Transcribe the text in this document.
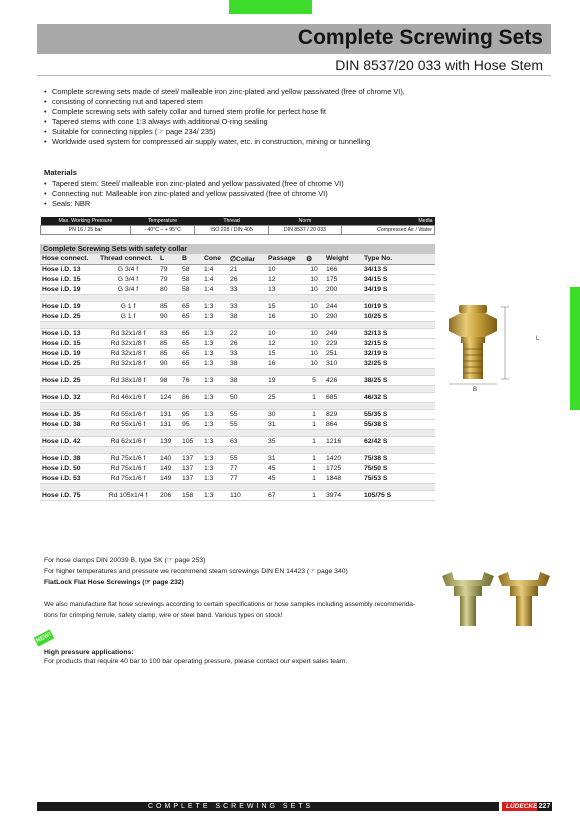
Complete Screwing Sets
DIN 8537/20 033 with Hose Stem
• Complete screwing sets made of steel/ malleable iron zinc-plated and yellow passivated (free of chrome VI),
• consisting of connecting nut and tapered stem
• Complete screwing sets with safety collar and turned stem profile for perfect hose fit
• Tapered stems with cone 1:3 always with additional O-ring sealing
• Suitable for connecting nipples (☞ page 234/ 235)
• Worldwide used system for compressed air supply water, etc. in construction, mining or tunnelling
Materials
• Tapered stem: Steel/ malleable iron zinc-plated and yellow passivated (free of chrome VI)
• Connecting nut: Malleable iron zinc-plated and yellow passivated (free of chrome VI)
• Seals: NBR
Max. Working Pressure	Temperature	Thread	Norm	Media
PN 16 / 25 bar	- 40°C – + 95°C	ISO 228 / DIN 405	DIN 8537 / 20 033	Compressed Air / Water
Complete Screwing Sets with safety collar
Hose connect.	Thread connect.	L	B	Cone	∅Collar	Passage	⚙	Weight	Type No.
Hose i.D. 13	G 3/4 f	79	58	1:4	21	10	10	166	34/13 S
Hose i.D. 15	G 3/4 f	79	58	1:4	26	12	10	175	34/15 S
Hose i.D. 19	G 3/4 f	80	58	1:4	33	13	10	200	34/19 S

Hose i.D. 19	G 1 f	85	65	1:3	33	15	10	244	10/19 S
Hose i.D. 25	G 1 f	90	65	1:3	38	16	10	290	10/25 S

Hose i.D. 13	Rd 32x1/8 f	83	65	1:3	22	10	10	249	32/13 S
Hose i.D. 15	Rd 32x1/8 f	85	65	1:3	26	12	10	229	32/15 S
Hose i.D. 19	Rd 32x1/8 f	85	65	1:3	33	15	10	251	32/19 S
Hose i.D. 25	Rd 32x1/8 f	90	65	1:3	38	16	10	310	32/25 S

Hose i.D. 25	Rd 38x1/8 f	98	76	1:3	38	19	5	426	38/25 S

Hose i.D. 32	Rd 46x1/6 f	124	86	1:3	50	25	1	685	46/32 S

Hose i.D. 35	Rd 55x1/6 f	131	95	1:3	55	30	1	829	55/35 S
Hose i.D. 38	Rd 55x1/6 f	131	95	1:3	55	31	1	864	55/38 S

Hose i.D. 42	Rd 62x1/6 f	139	105	1:3	63	35	1	1216	62/42 S

Hose i.D. 38	Rd 75x1/6 f	140	137	1:3	55	31	1	1420	75/38 S
Hose i.D. 50	Rd 75x1/6 f	149	137	1:3	77	45	1	1725	75/50 S
Hose i.D. 53	Rd 75x1/6 f	149	137	1:3	77	45	1	1848	75/53 S

Hose i.D. 75	Rd 105x1/4 f	206	158	1:3	110	67	1	3974	105/75 S
L
B
For hose clamps DIN 20039 B, type SK (☞ page 253)
For higher temperatures and pressure we recommend steam screwings DIN EN 14423 (☞ page 340)
FlatLock Flat Hose Screwings (☞ page 232)
We also manufacture flat hose screwings according to certain specifications or hose samples including assembly recommenda-
tions for crimping ferrule, safety clamp, wire or steel band. Various types on stock!
NEW!
High pressure applications:
For products that require 40 bar to 100 bar operating pressure, please contact our expert sales team.
COMPLETE SCREWING SETS	LÜDECKE 227
